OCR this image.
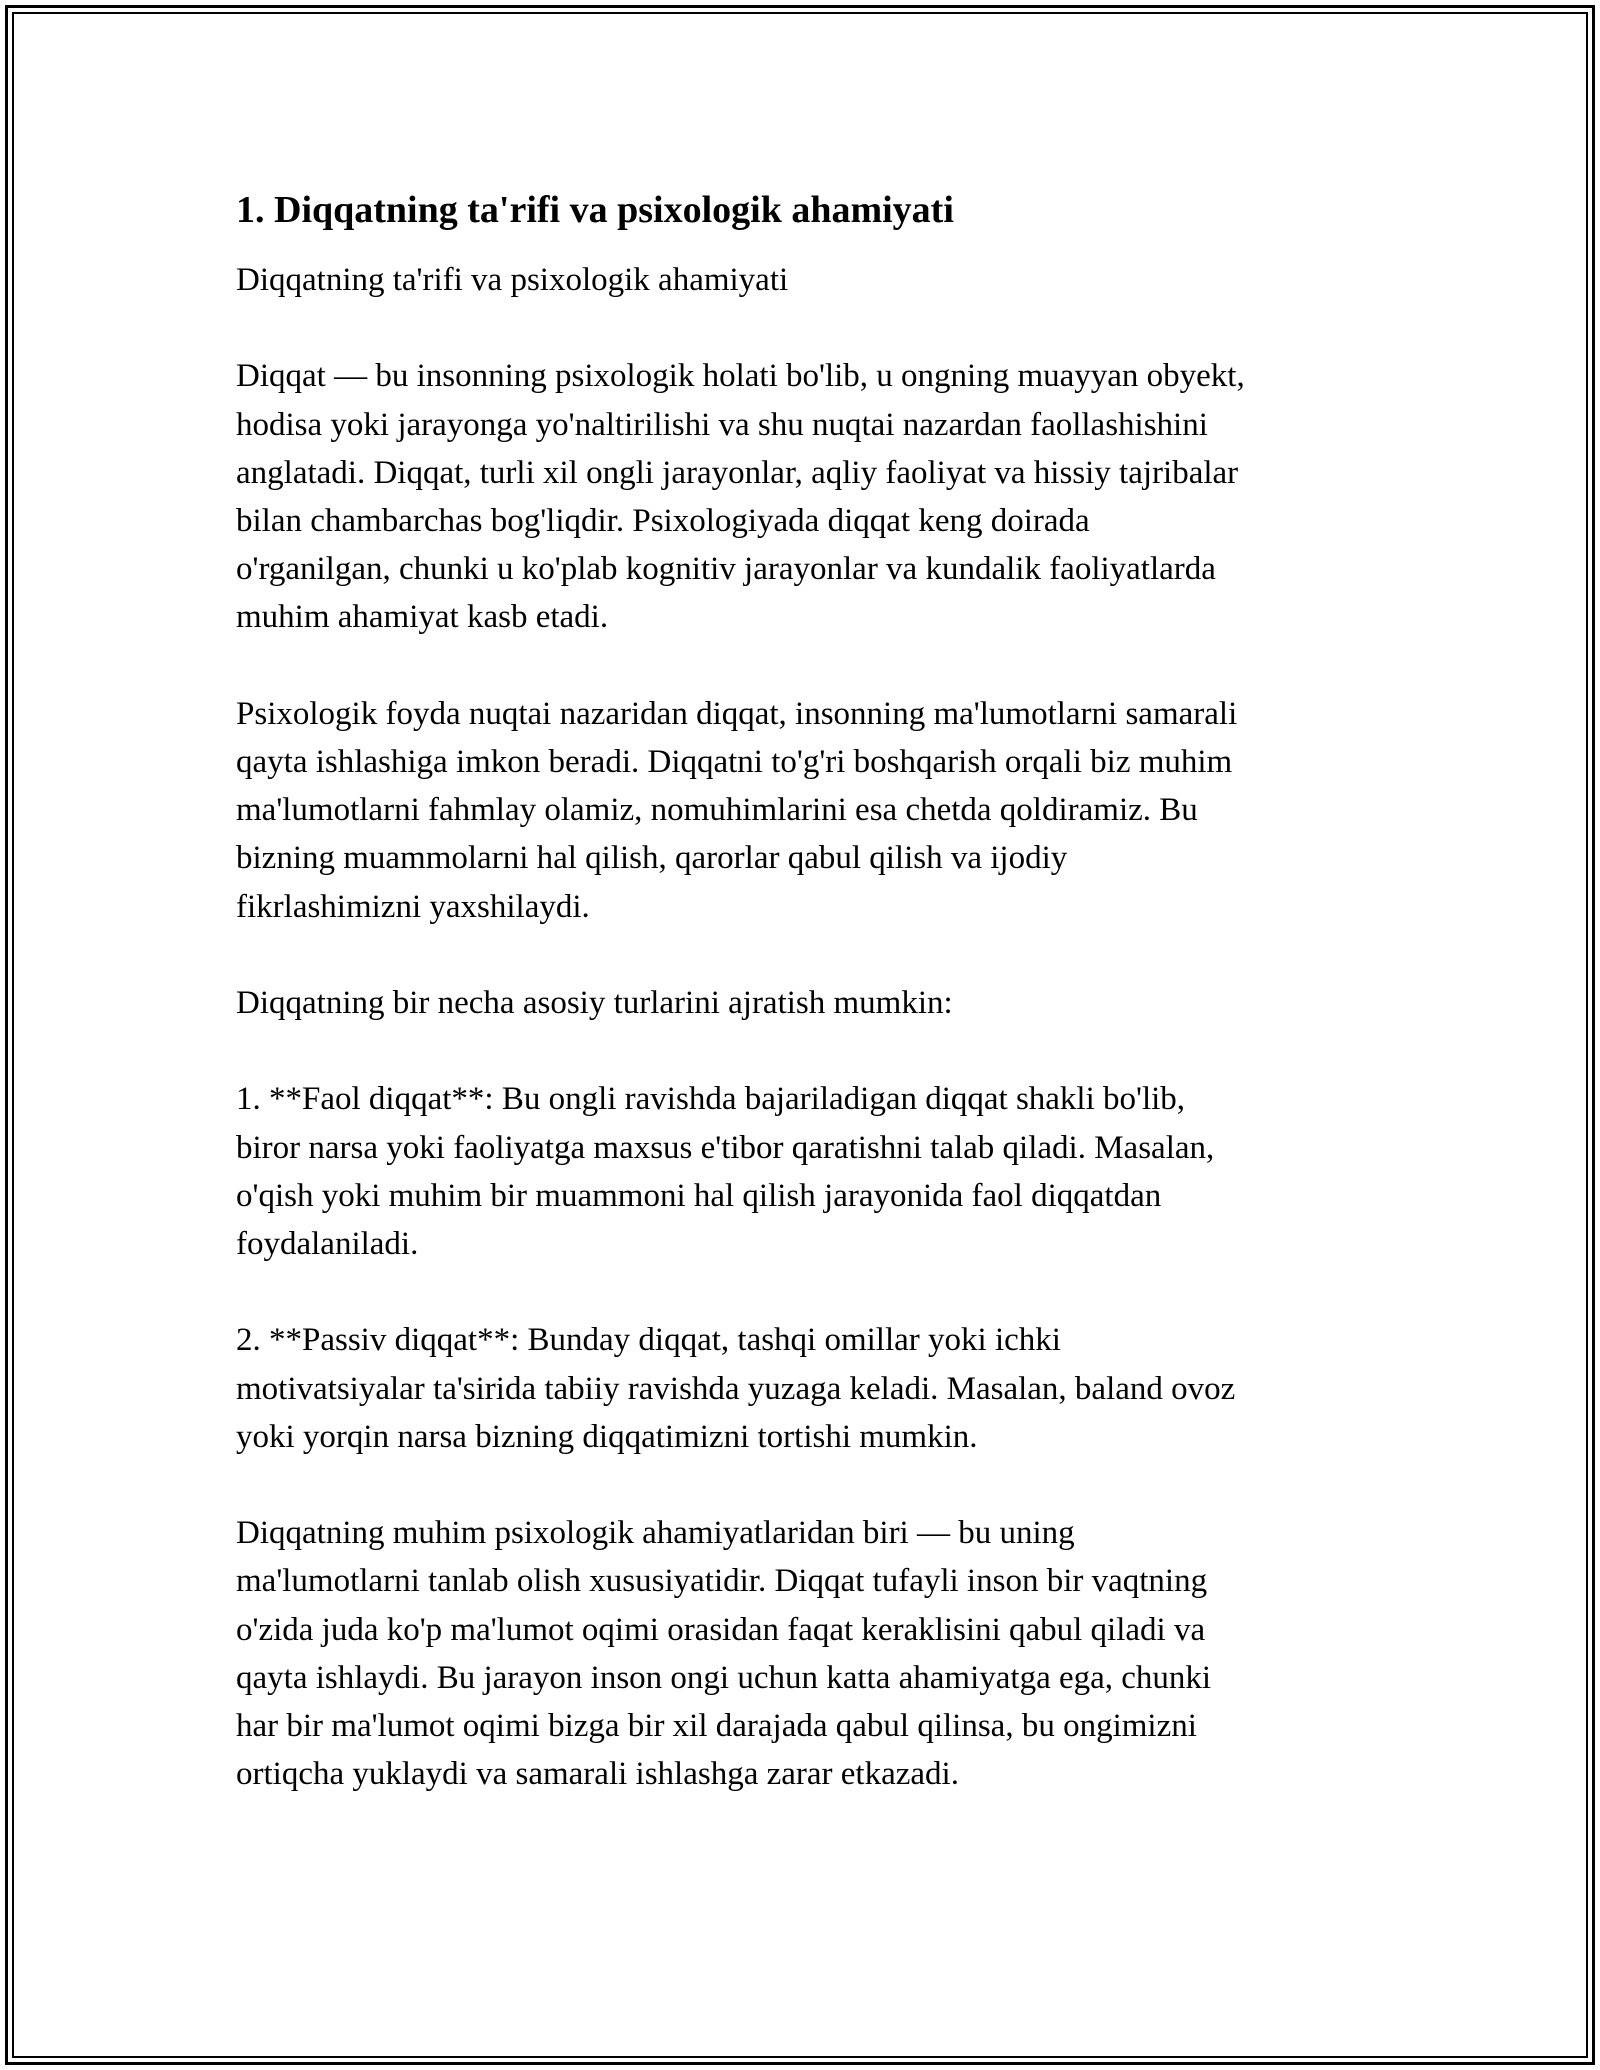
1. Diqqatning ta'rifi va psixologik ahamiyati

Diqqatning ta'rifi va psixologik ahamiyati

Diqqat — bu insonning psixologik holati bo'lib, u ongning muayyan obyekt,
hodisa yoki jarayonga yo'naltirilishi va shu nuqtai nazardan faollashishini
anglatadi. Diqqat, turli xil ongli jarayonlar, aqliy faoliyat va hissiy tajribalar
bilan chambarchas bog'liqdir. Psixologiyada diqqat keng doirada
o'rganilgan, chunki u ko'plab kognitiv jarayonlar va kundalik faoliyatlarda
muhim ahamiyat kasb etadi.

Psixologik foyda nuqtai nazaridan diqqat, insonning ma'lumotlarni samarali
qayta ishlashiga imkon beradi. Diqqatni to'g'ri boshqarish orqali biz muhim
ma'lumotlarni fahmlay olamiz, nomuhimlarini esa chetda qoldiramiz. Bu
bizning muammolarni hal qilish, qarorlar qabul qilish va ijodiy
fikrlashimizni yaxshilaydi.

Diqqatning bir necha asosiy turlarini ajratish mumkin:

1. **Faol diqqat**: Bu ongli ravishda bajariladigan diqqat shakli bo'lib,
biror narsa yoki faoliyatga maxsus e'tibor qaratishni talab qiladi. Masalan,
o'qish yoki muhim bir muammoni hal qilish jarayonida faol diqqatdan
foydalaniladi.

2. **Passiv diqqat**: Bunday diqqat, tashqi omillar yoki ichki
motivatsiyalar ta'sirida tabiiy ravishda yuzaga keladi. Masalan, baland ovoz
yoki yorqin narsa bizning diqqatimizni tortishi mumkin.

Diqqatning muhim psixologik ahamiyatlaridan biri — bu uning
ma'lumotlarni tanlab olish xususiyatidir. Diqqat tufayli inson bir vaqtning
o'zida juda ko'p ma'lumot oqimi orasidan faqat keraklisini qabul qiladi va
qayta ishlaydi. Bu jarayon inson ongi uchun katta ahamiyatga ega, chunki
har bir ma'lumot oqimi bizga bir xil darajada qabul qilinsa, bu ongimizni
ortiqcha yuklaydi va samarali ishlashga zarar etkazadi.
